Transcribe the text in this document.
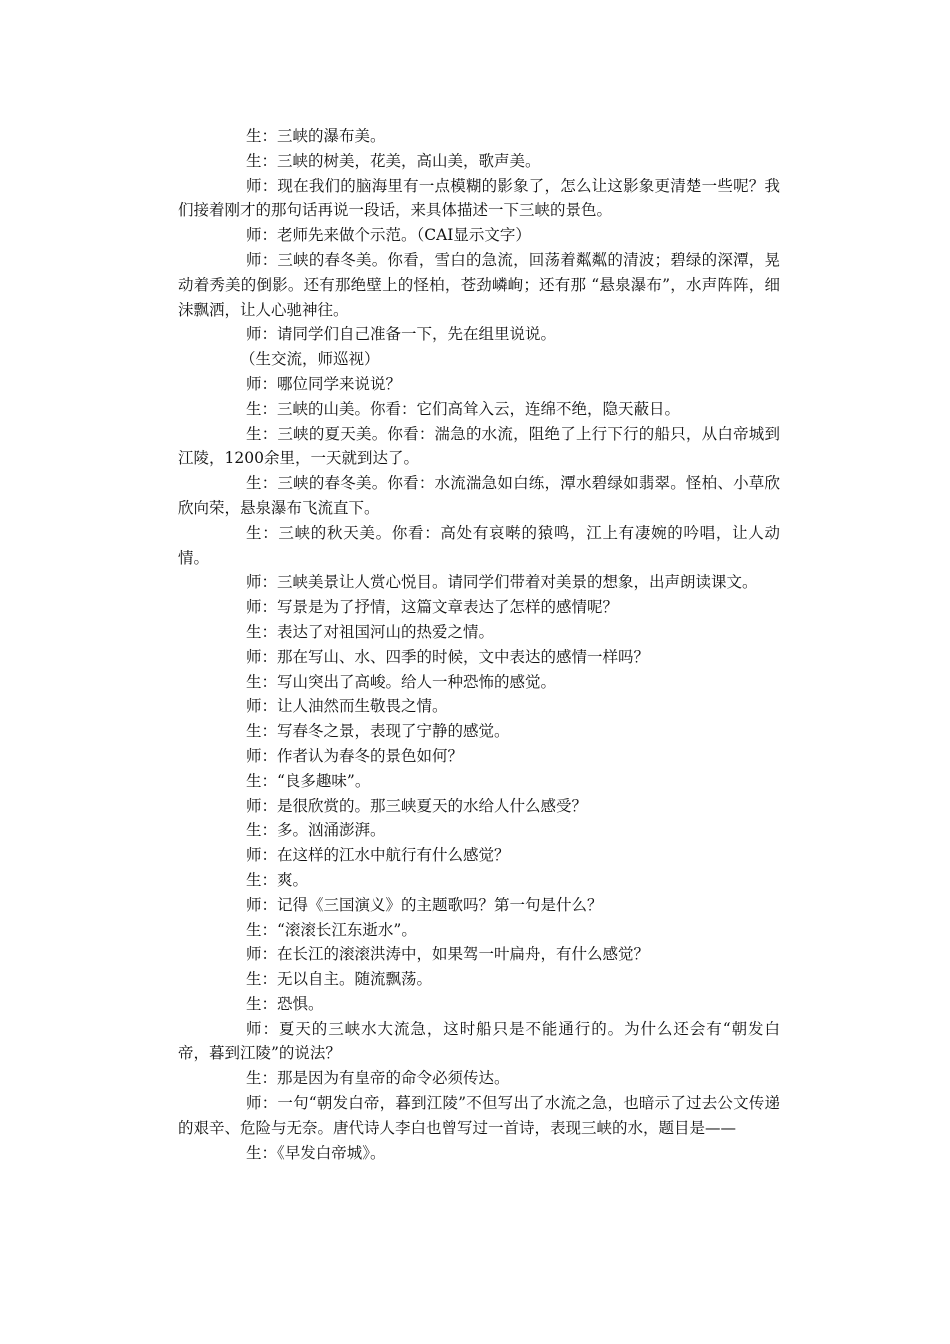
生：三峡的瀑布美。

生：三峡的树美，花美，高山美，歌声美。

师：现在我们的脑海里有一点模糊的影象了，怎么让这影象更清楚一些呢？我们接着刚才的那句话再说一段话，来具体描述一下三峡的景色。

师：老师先来做个示范。（CAI显示文字）

师：三峡的春冬美。你看，雪白的急流，回荡着粼粼的清波；碧绿的深潭，晃动着秀美的倒影。还有那绝壁上的怪柏，苍劲嶙峋；还有那 “悬泉瀑布”，水声阵阵，细沫飘洒，让人心驰神往。

师：请同学们自己准备一下，先在组里说说。

（生交流，师巡视）

师：哪位同学来说说？

生：三峡的山美。你看：它们高耸入云，连绵不绝，隐天蔽日。

生：三峡的夏天美。你看：湍急的水流，阻绝了上行下行的船只，从白帝城到江陵，1200余里，一天就到达了。

生：三峡的春冬美。你看：水流湍急如白练，潭水碧绿如翡翠。怪柏、小草欣欣向荣，悬泉瀑布飞流直下。

生：三峡的秋天美。你看：高处有哀啭的猿鸣，江上有凄婉的吟唱，让人动情。

师：三峡美景让人赏心悦目。请同学们带着对美景的想象，出声朗读课文。

师：写景是为了抒情，这篇文章表达了怎样的感情呢？

生：表达了对祖国河山的热爱之情。

师：那在写山、水、四季的时候，文中表达的感情一样吗？

生：写山突出了高峻。给人一种恐怖的感觉。

师：让人油然而生敬畏之情。

生：写春冬之景，表现了宁静的感觉。

师：作者认为春冬的景色如何？

生：“良多趣味”。

师：是很欣赏的。那三峡夏天的水给人什么感受？

生：多。汹涌澎湃。

师：在这样的江水中航行有什么感觉？

生：爽。

师：记得《三国演义》的主题歌吗？第一句是什么？

生：“滚滚长江东逝水”。

师：在长江的滚滚洪涛中，如果驾一叶扁舟，有什么感觉？

生：无以自主。随流飘荡。

生：恐惧。

师：夏天的三峡水大流急，这时船只是不能通行的。为什么还会有“朝发白帝，暮到江陵”的说法？

生：那是因为有皇帝的命令必须传达。

师：一句“朝发白帝，暮到江陵”不但写出了水流之急，也暗示了过去公文传递的艰辛、危险与无奈。唐代诗人李白也曾写过一首诗，表现三峡的水，题目是——

生：《早发白帝城》。
